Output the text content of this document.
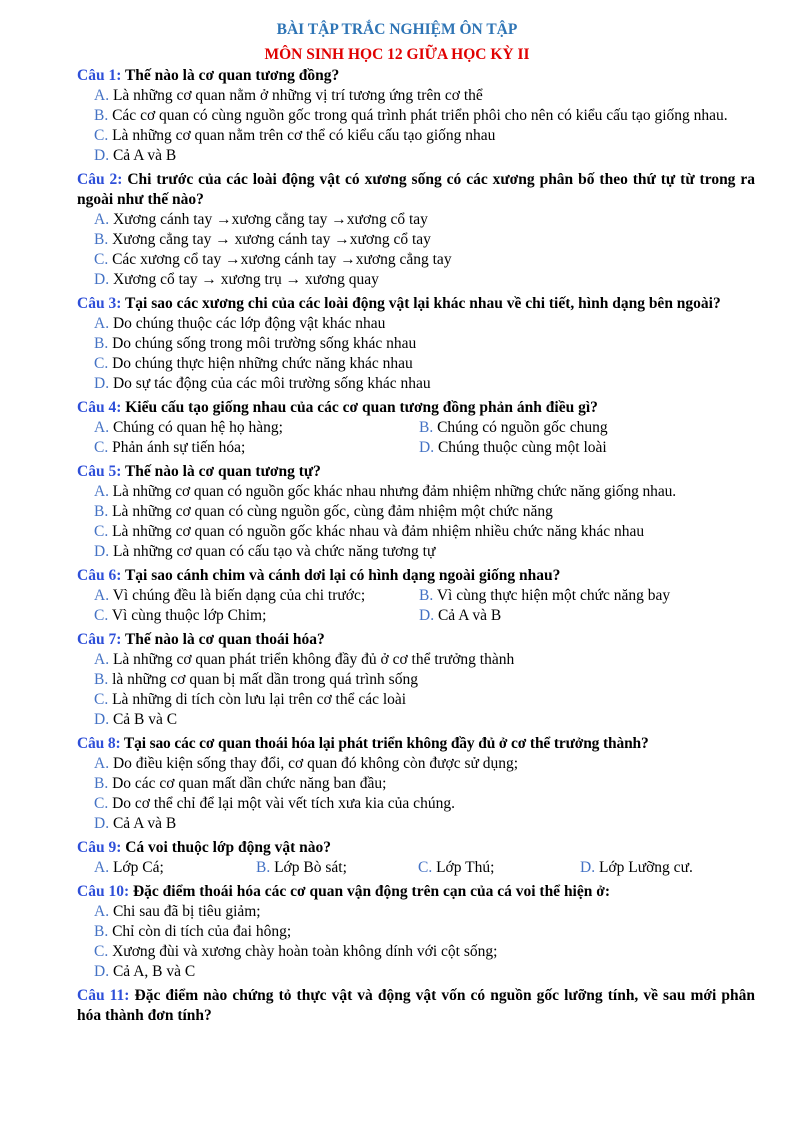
BÀI TẬP TRẮC NGHIỆM ÔN TẬP
MÔN SINH HỌC 12 GIỮA HỌC KỲ II
Câu 1: Thế nào là cơ quan tương đồng?
A. Là những cơ quan nằm ở những vị trí tương ứng trên cơ thể
B. Các cơ quan có cùng nguồn gốc trong quá trình phát triển phôi cho nên có kiểu cấu tạo giống nhau.
C. Là những cơ quan nằm trên cơ thể có kiểu cấu tạo giống nhau
D. Cả A và B
Câu 2: Chi trước của các loài động vật có xương sống có các xương phân bố theo thứ tự từ trong ra ngoài như thế nào?
A. Xương cánh tay →xương cẳng tay →xương cổ tay
B. Xương cẳng tay → xương cánh tay →xương cổ tay
C. Các xương cổ tay →xương cánh tay →xương cẳng tay
D. Xương cổ tay → xương trụ → xương quay
Câu 3: Tại sao các xương chi của các loài động vật lại khác nhau về chi tiết, hình dạng bên ngoài?
A. Do chúng thuộc các lớp động vật khác nhau
B. Do chúng sống trong môi trường sống khác nhau
C. Do chúng thực hiện những chức năng khác nhau
D. Do sự tác động của các môi trường sống khác nhau
Câu 4: Kiểu cấu tạo giống nhau của các cơ quan tương đồng phản ánh điều gì?
A. Chúng có quan hệ họ hàng;	B. Chúng có nguồn gốc chung
C. Phản ánh sự tiến hóa;	D. Chúng thuộc cùng một loài
Câu 5: Thế nào là cơ quan tương tự?
A. Là những cơ quan có nguồn gốc khác nhau nhưng đảm nhiệm những chức năng giống nhau.
B. Là những cơ quan có cùng nguồn gốc, cùng đảm nhiệm một chức năng
C. Là những cơ quan có nguồn gốc khác nhau và đảm nhiệm nhiều chức năng khác nhau
D. Là những cơ quan có cấu tạo và chức năng tương tự
Câu 6: Tại sao cánh chim và cánh dơi lại có hình dạng ngoài giống nhau?
A. Vì chúng đều là biến dạng của chi trước;	B. Vì cùng thực hiện một chức năng bay
C. Vì cùng thuộc lớp Chim;	D. Cả A và B
Câu 7: Thế nào là cơ quan thoái hóa?
A. Là những cơ quan phát triển không đầy đủ ở cơ thể trưởng thành
B. là những cơ quan bị mất dần trong quá trình sống
C. Là những di tích còn lưu lại trên cơ thể các loài
D. Cả B và C
Câu 8: Tại sao các cơ quan thoái hóa lại phát triển không đầy đủ ở cơ thể trưởng thành?
A. Do điều kiện sống thay đổi, cơ quan đó không còn được sử dụng;
B. Do các cơ quan mất dần chức năng ban đầu;
C. Do cơ thể chỉ để lại một vài vết tích xưa kia của chúng.
D. Cả A và B
Câu 9: Cá voi thuộc lớp động vật nào?
A. Lớp Cá;	B. Lớp Bò sát;	C. Lớp Thú;	D. Lớp Lưỡng cư.
Câu 10: Đặc điểm thoái hóa các cơ quan vận động trên cạn của cá voi thể hiện ở:
A. Chi sau đã bị tiêu giảm;
B. Chỉ còn di tích của đai hông;
C. Xương đùi và xương chày hoàn toàn không dính với cột sống;
D. Cả A, B và C
Câu 11: Đặc điểm nào chứng tỏ thực vật và động vật vốn có nguồn gốc lưỡng tính, về sau mới phân hóa thành đơn tính?
